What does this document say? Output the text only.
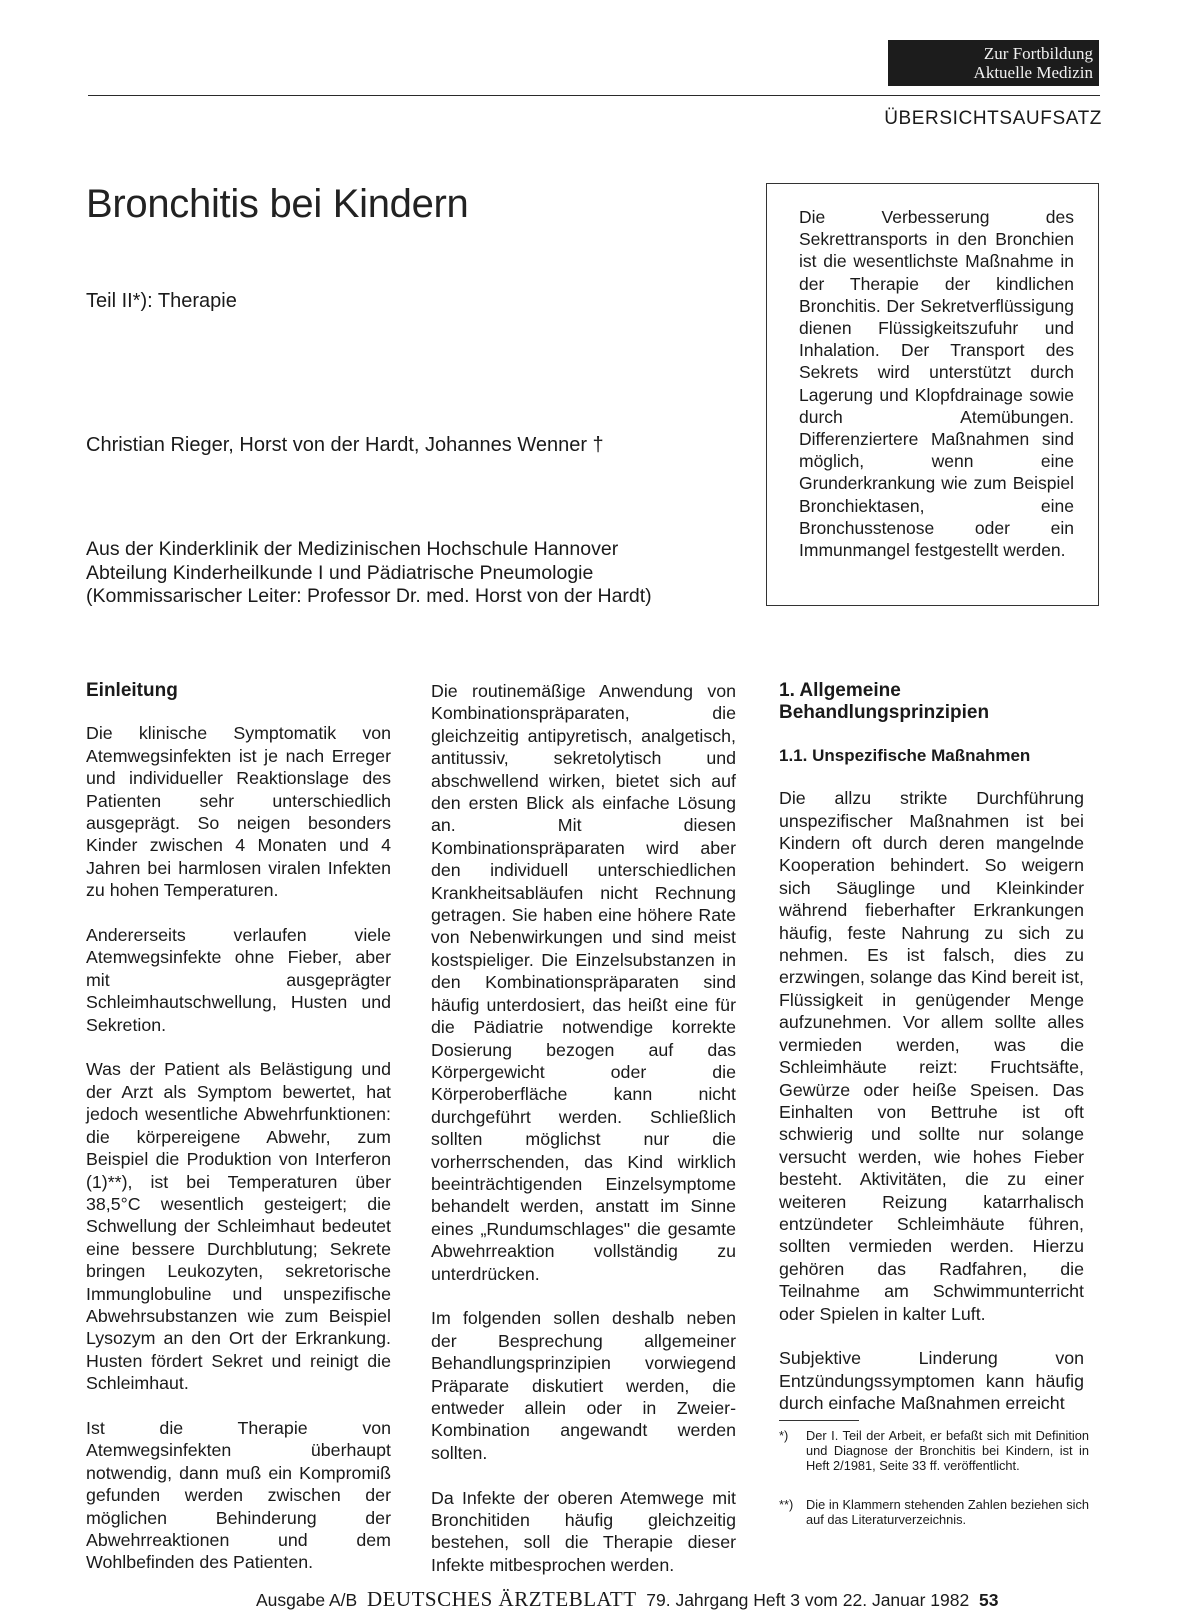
Zur Fortbildung
Aktuelle Medizin
ÜBERSICHTSAUFSATZ
Bronchitis bei Kindern
Teil II*): Therapie
Christian Rieger, Horst von der Hardt, Johannes Wenner †
Aus der Kinderklinik der Medizinischen Hochschule Hannover
Abteilung Kinderheilkunde I und Pädiatrische Pneumologie
(Kommissarischer Leiter: Professor Dr. med. Horst von der Hardt)

Die Verbesserung des Sekrettransports in den Bronchien ist die wesentlichste Maßnahme in der Therapie der kindlichen Bronchitis. Der Sekretverflüssigung dienen Flüssigkeitszufuhr und Inhalation. Der Transport des Sekrets wird unterstützt durch Lagerung und Klopfdrainage sowie durch Atemübungen. Differenziertere Maßnahmen sind möglich, wenn eine Grunderkrankung wie zum Beispiel Bronchiektasen, eine Bronchusstenose oder ein Immunmangel festgestellt werden.

Einleitung

Die klinische Symptomatik von Atemwegsinfekten ist je nach Erreger und individueller Reaktionslage des Patienten sehr unterschiedlich ausgeprägt. So neigen besonders Kinder zwischen 4 Monaten und 4 Jahren bei harmlosen viralen Infekten zu hohen Temperaturen.

Andererseits verlaufen viele Atemwegsinfekte ohne Fieber, aber mit ausgeprägter Schleimhautschwellung, Husten und Sekretion.

Was der Patient als Belästigung und der Arzt als Symptom bewertet, hat jedoch wesentliche Abwehrfunktionen: die körpereigene Abwehr, zum Beispiel die Produktion von Interferon (1)**), ist bei Temperaturen über 38,5°C wesentlich gesteigert; die Schwellung der Schleimhaut bedeutet eine bessere Durchblutung; Sekrete bringen Leukozyten, sekretorische Immunglobuline und unspezifische Abwehrsubstanzen wie zum Beispiel Lysozym an den Ort der Erkrankung. Husten fördert Sekret und reinigt die Schleimhaut.

Ist die Therapie von Atemwegsinfekten überhaupt notwendig, dann muß ein Kompromiß gefunden werden zwischen der möglichen Behinderung der Abwehrreaktionen und dem Wohlbefinden des Patienten.

Die routinemäßige Anwendung von Kombinationspräparaten, die gleichzeitig antipyretisch, analgetisch, antitussiv, sekretolytisch und abschwellend wirken, bietet sich auf den ersten Blick als einfache Lösung an. Mit diesen Kombinationspräparaten wird aber den individuell unterschiedlichen Krankheitsabläufen nicht Rechnung getragen. Sie haben eine höhere Rate von Nebenwirkungen und sind meist kostspieliger. Die Einzelsubstanzen in den Kombinationspräparaten sind häufig unterdosiert, das heißt eine für die Pädiatrie notwendige korrekte Dosierung bezogen auf das Körpergewicht oder die Körperoberfläche kann nicht durchgeführt werden. Schließlich sollten möglichst nur die vorherrschenden, das Kind wirklich beeinträchtigenden Einzelsymptome behandelt werden, anstatt im Sinne eines „Rundumschlages" die gesamte Abwehrreaktion vollständig zu unterdrücken.

Im folgenden sollen deshalb neben der Besprechung allgemeiner Behandlungsprinzipien vorwiegend Präparate diskutiert werden, die entweder allein oder in Zweier-Kombination angewandt werden sollten.

Da Infekte der oberen Atemwege mit Bronchitiden häufig gleichzeitig bestehen, soll die Therapie dieser Infekte mitbesprochen werden.

1. Allgemeine Behandlungsprinzipien
1.1. Unspezifische Maßnahmen

Die allzu strikte Durchführung unspezifischer Maßnahmen ist bei Kindern oft durch deren mangelnde Kooperation behindert. So weigern sich Säuglinge und Kleinkinder während fieberhafter Erkrankungen häufig, feste Nahrung zu sich zu nehmen. Es ist falsch, dies zu erzwingen, solange das Kind bereit ist, Flüssigkeit in genügender Menge aufzunehmen. Vor allem sollte alles vermieden werden, was die Schleimhäute reizt: Fruchtsäfte, Gewürze oder heiße Speisen. Das Einhalten von Bettruhe ist oft schwierig und sollte nur solange versucht werden, wie hohes Fieber besteht. Aktivitäten, die zu einer weiteren Reizung katarrhalisch entzündeter Schleimhäute führen, sollten vermieden werden. Hierzu gehören das Radfahren, die Teilnahme am Schwimmunterricht oder Spielen in kalter Luft.

Subjektive Linderung von Entzündungssymptomen kann häufig durch einfache Maßnahmen erreicht

*) Der I. Teil der Arbeit, er befaßt sich mit Definition und Diagnose der Bronchitis bei Kindern, ist in Heft 2/1981, Seite 33 ff. veröffentlicht.
**) Die in Klammern stehenden Zahlen beziehen sich auf das Literaturverzeichnis.
Ausgabe A/B DEUTSCHES ÄRZTEBLATT 79. Jahrgang Heft 3 vom 22. Januar 1982 53
